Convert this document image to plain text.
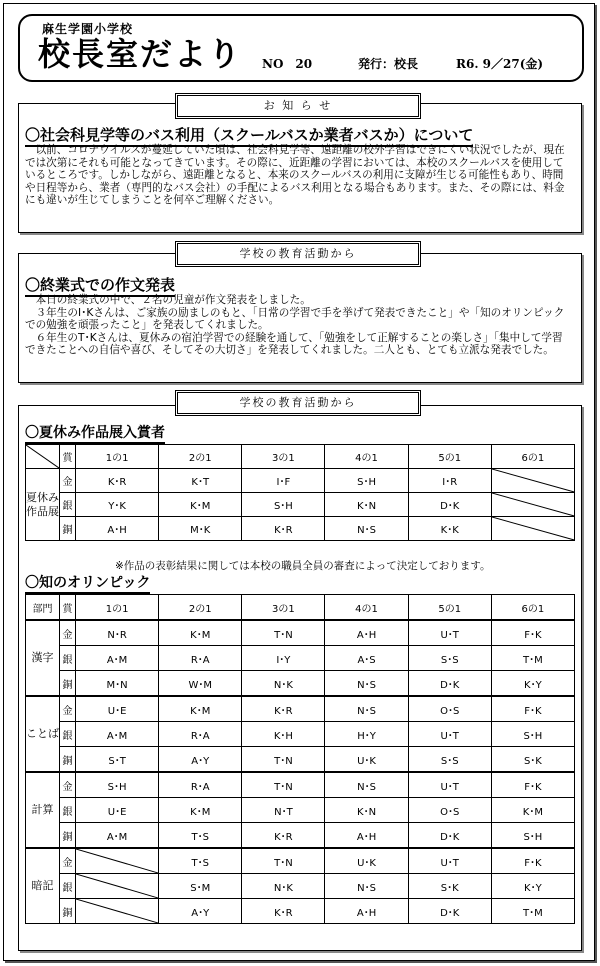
麻生学園小学校
校長室だより NO　20	発行：校長	R6. 9／27(金)
お 知 ら せ
〇社会科見学等のバス利用（スクールバスか業者バスか）について
　以前、コロナウイルスが蔓延していた頃は、社会科見学等、遠距離の校外学習はできにくい状況でしたが、現在では次第にそれも可能となってきています。その際に、近距離の学習においては、本校のスクールバスを使用しているところです。しかしながら、遠距離となると、本来のスクールバスの利用に支障が生じる可能性もあり、時間や日程等から、業者（専門的なバス会社）の手配によるバス利用となる場合もあります。また、その際には、料金にも違いが生じてしまうことを何卒ご理解ください。
学校の教育活動から
〇終業式での作文発表
　本日の終業式の中で、２名の児童が作文発表をしました。
　３年生のI･Kさんは、ご家族の励ましのもと、「日常の学習で手を挙げて発表できたこと」や「知のオリンピックでの勉強を頑張ったこと」を発表してくれました。
　６年生のT･Kさんは、夏休みの宿泊学習での経験を通して、「勉強をして正解することの楽しさ」「集中して学習できたことへの自信や喜び、そしてその大切さ」を発表してくれました。二人とも、とても立派な発表でした。
学校の教育活動から
〇夏休み作品展入賞者
	賞	1の1	2の1	3の1	4の1	5の1	6の1
夏休み作品展	金	K･R	K･T	I･F	S･H	I･R	

	銀	Y･K	K･M	S･H	K･N	D･K	

	銅	A･H	M･K	K･R	N･S	K･K	
※作品の表彰結果に関しては本校の職員全員の審査によって決定しております。
〇知のオリンピック
部門	賞	1の1	2の1	3の1	4の1	5の1	6の1
漢字	金	N･R	K･M	T･N	A･H	U･T	F･K
	銀	A･M	R･A	I･Y	A･S	S･S	T･M
	銅	M･N	W･M	N･K	N･S	D･K	K･Y
ことば	金	U･E	K･M	K･R	N･S	O･S	F･K
	銀	A･M	R･A	K･H	H･Y	U･T	S･H
	銅	S･T	A･Y	T･N	U･K	S･S	S･K
計算	金	S･H	R･A	T･N	N･S	U･T	F･K
	銀	U･E	K･M	N･T	K･N	O･S	K･M
	銅	A･M	T･S	K･R	A･H	D･K	S･H
暗記	金		T･S	T･N	U･K	U･T	F･K
	銀		S･M	N･K	N･S	S･K	K･Y
	銅		A･Y	K･R	A･H	D･K	T･M
